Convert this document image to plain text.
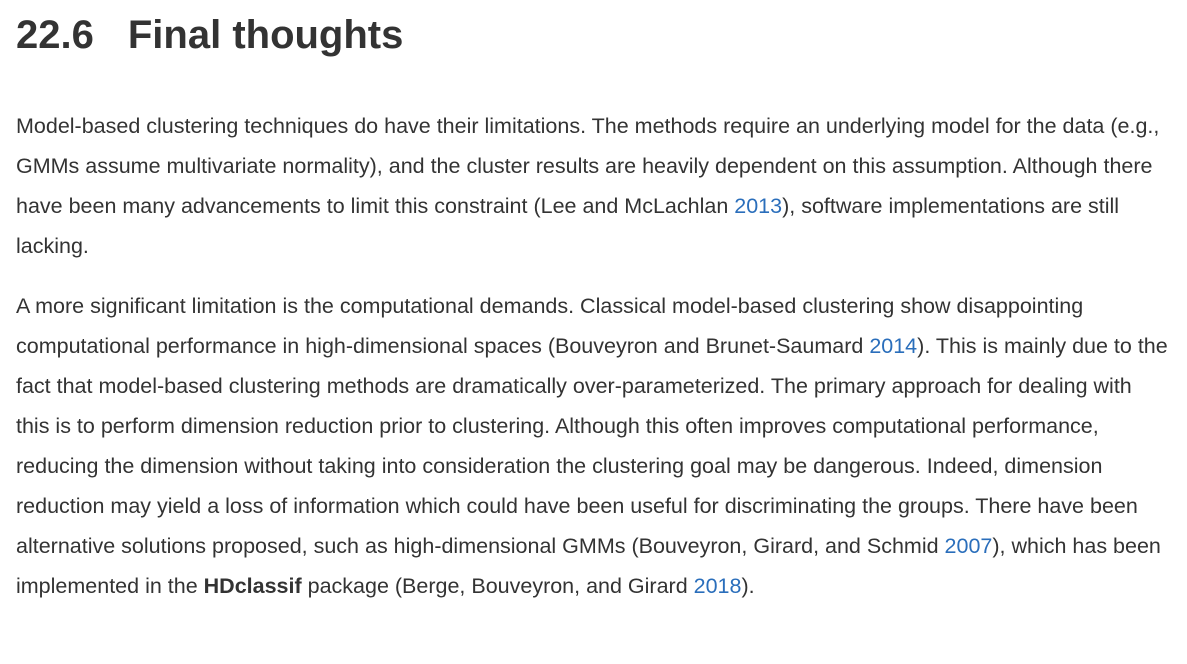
22.6 Final thoughts

Model-based clustering techniques do have their limitations. The methods require an underlying model for the data (e.g., GMMs assume multivariate normality), and the cluster results are heavily dependent on this assumption. Although there have been many advancements to limit this constraint (Lee and McLachlan 2013), software implementations are still lacking.

A more significant limitation is the computational demands. Classical model-based clustering show disappointing computational performance in high-dimensional spaces (Bouveyron and Brunet-Saumard 2014). This is mainly due to the fact that model-based clustering methods are dramatically over-parameterized. The primary approach for dealing with this is to perform dimension reduction prior to clustering. Although this often improves computational performance, reducing the dimension without taking into consideration the clustering goal may be dangerous. Indeed, dimension reduction may yield a loss of information which could have been useful for discriminating the groups. There have been alternative solutions proposed, such as high-dimensional GMMs (Bouveyron, Girard, and Schmid 2007), which has been implemented in the HDclassif package (Berge, Bouveyron, and Girard 2018).
